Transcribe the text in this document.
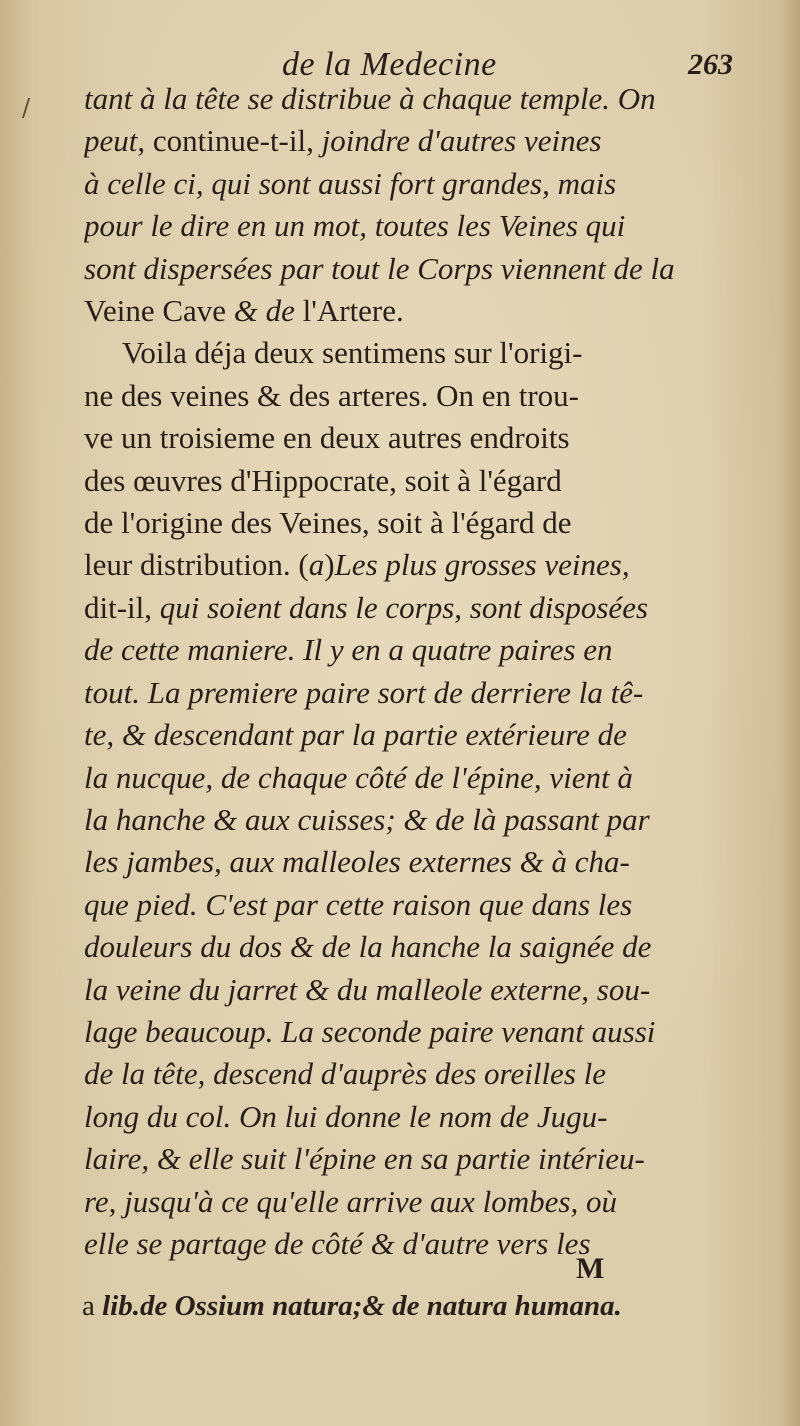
de la Medecine	263
/ tant à la tête se distribue à chaque temple. On
peut, continue-t-il, joindre d'autres veines
à celle ci, qui sont aussi fort grandes, mais
pour le dire en un mot, toutes les Veines qui
sont dispersées par tout le Corps viennent de la
Veine Cave & de l'Artere.
Voila déja deux sentimens sur l'origi-
ne des veines & des arteres. On en trou-
ve un troisieme en deux autres endroits
des œuvres d'Hippocrate, soit à l'égard
de l'origine des Veines, soit à l'égard de
leur distribution. (a)Les plus grosses veines,
dit-il, qui soient dans le corps, sont disposées
de cette maniere. Il y en a quatre paires en
tout. La premiere paire sort de derriere la tê-
te, & descendant par la partie extérieure de
la nucque, de chaque côté de l'épine, vient à
la hanche & aux cuisses; & de là passant par
les jambes, aux malleoles externes & à cha-
que pied. C'est par cette raison que dans les
douleurs du dos & de la hanche la saignée de
la veine du jarret & du malleole externe, sou-
lage beaucoup. La seconde paire venant aussi
de la tête, descend d'auprès des oreilles le
long du col. On lui donne le nom de Jugu-
laire, & elle suit l'épine en sa partie intérieu-
re, jusqu'à ce qu'elle arrive aux lombes, où
elle se partage de côté & d'autre vers les
M
a lib.de Ossium natura;& de natura humana.
